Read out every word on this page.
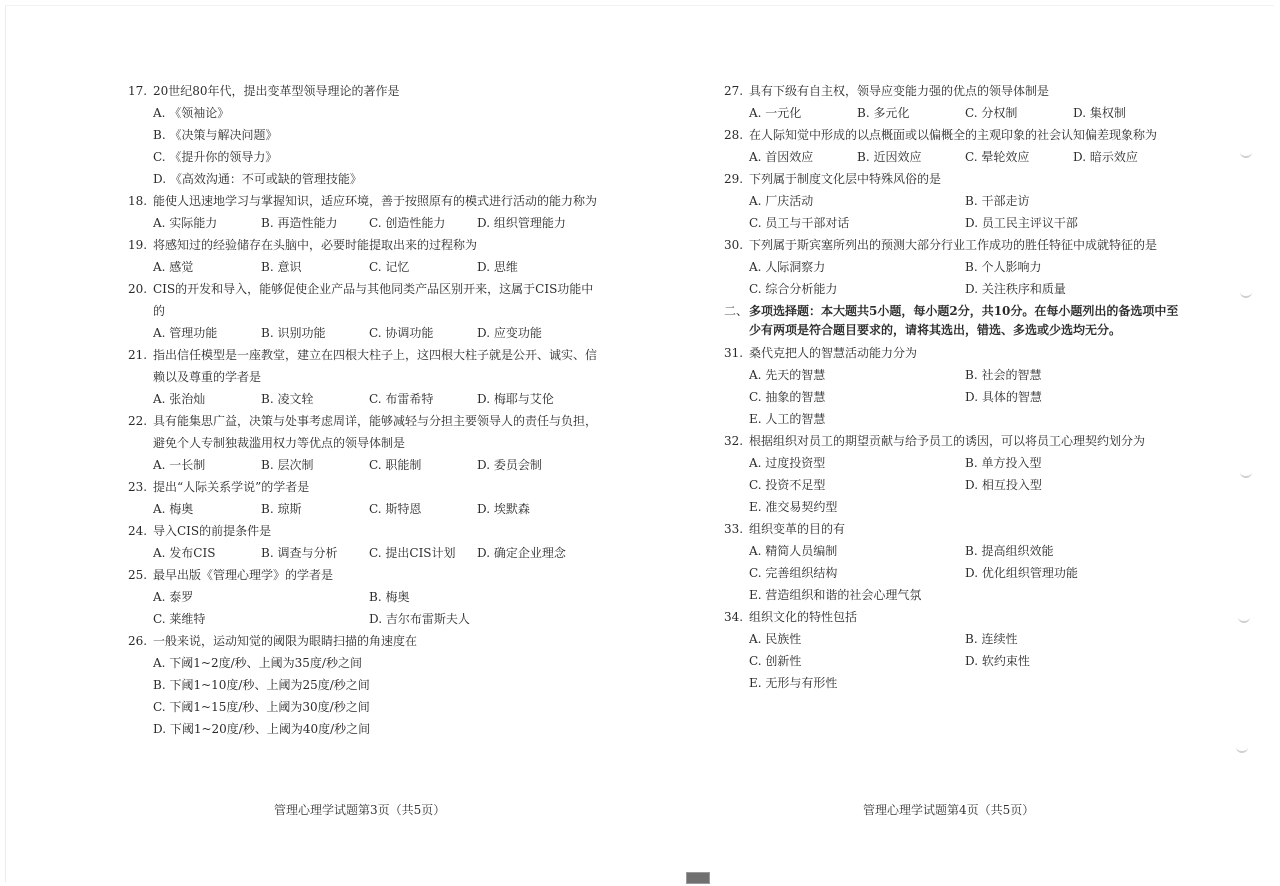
17. 20世纪80年代，提出变革型领导理论的著作是
A. 《领袖论》
B. 《决策与解决问题》
C. 《提升你的领导力》
D. 《高效沟通：不可或缺的管理技能》
18. 能使人迅速地学习与掌握知识，适应环境，善于按照原有的模式进行活动的能力称为
A. 实际能力	B. 再造性能力	C. 创造性能力	D. 组织管理能力
19. 将感知过的经验储存在头脑中，必要时能提取出来的过程称为
A. 感觉	B. 意识	C. 记忆	D. 思维
20. CIS的开发和导入，能够促使企业产品与其他同类产品区别开来，这属于CIS功能中的
A. 管理功能	B. 识别功能	C. 协调功能	D. 应变功能
21. 指出信任模型是一座教堂，建立在四根大柱子上，这四根大柱子就是公开、诚实、信赖以及尊重的学者是
A. 张治灿	B. 凌文辁	C. 布雷希特	D. 梅耶与艾伦
22. 具有能集思广益，决策与处事考虑周详，能够减轻与分担主要领导人的责任与负担，避免个人专制独裁滥用权力等优点的领导体制是
A. 一长制	B. 层次制	C. 职能制	D. 委员会制
23. 提出“人际关系学说”的学者是
A. 梅奥	B. 琼斯	C. 斯特恩	D. 埃默森
24. 导入CIS的前提条件是
A. 发布CIS	B. 调查与分析	C. 提出CIS计划	D. 确定企业理念
25. 最早出版《管理心理学》的学者是
A. 泰罗	B. 梅奥
C. 莱维特	D. 吉尔布雷斯夫人
26. 一般来说，运动知觉的阈限为眼睛扫描的角速度在
A. 下阈1~2度/秒、上阈为35度/秒之间
B. 下阈1~10度/秒、上阈为25度/秒之间
C. 下阈1~15度/秒、上阈为30度/秒之间
D. 下阈1~20度/秒、上阈为40度/秒之间
管理心理学试题第3页（共5页）
27. 具有下级有自主权，领导应变能力强的优点的领导体制是
A. 一元化	B. 多元化	C. 分权制	D. 集权制
28. 在人际知觉中形成的以点概面或以偏概全的主观印象的社会认知偏差现象称为
A. 首因效应	B. 近因效应	C. 晕轮效应	D. 暗示效应
29. 下列属于制度文化层中特殊风俗的是
A. 厂庆活动	B. 干部走访
C. 员工与干部对话	D. 员工民主评议干部
30. 下列属于斯宾塞所列出的预测大部分行业工作成功的胜任特征中成就特征的是
A. 人际洞察力	B. 个人影响力
C. 综合分析能力	D. 关注秩序和质量
二、 多项选择题：本大题共5小题，每小题2分，共10分。在每小题列出的备选项中至少有两项是符合题目要求的，请将其选出，错选、多选或少选均无分。
31. 桑代克把人的智慧活动能力分为
A. 先天的智慧	B. 社会的智慧
C. 抽象的智慧	D. 具体的智慧
E. 人工的智慧
32. 根据组织对员工的期望贡献与给予员工的诱因，可以将员工心理契约划分为
A. 过度投资型	B. 单方投入型
C. 投资不足型	D. 相互投入型
E. 准交易契约型
33. 组织变革的目的有
A. 精简人员编制	B. 提高组织效能
C. 完善组织结构	D. 优化组织管理功能
E. 营造组织和谐的社会心理气氛
34. 组织文化的特性包括
A. 民族性	B. 连续性
C. 创新性	D. 软约束性
E. 无形与有形性
管理心理学试题第4页（共5页）
